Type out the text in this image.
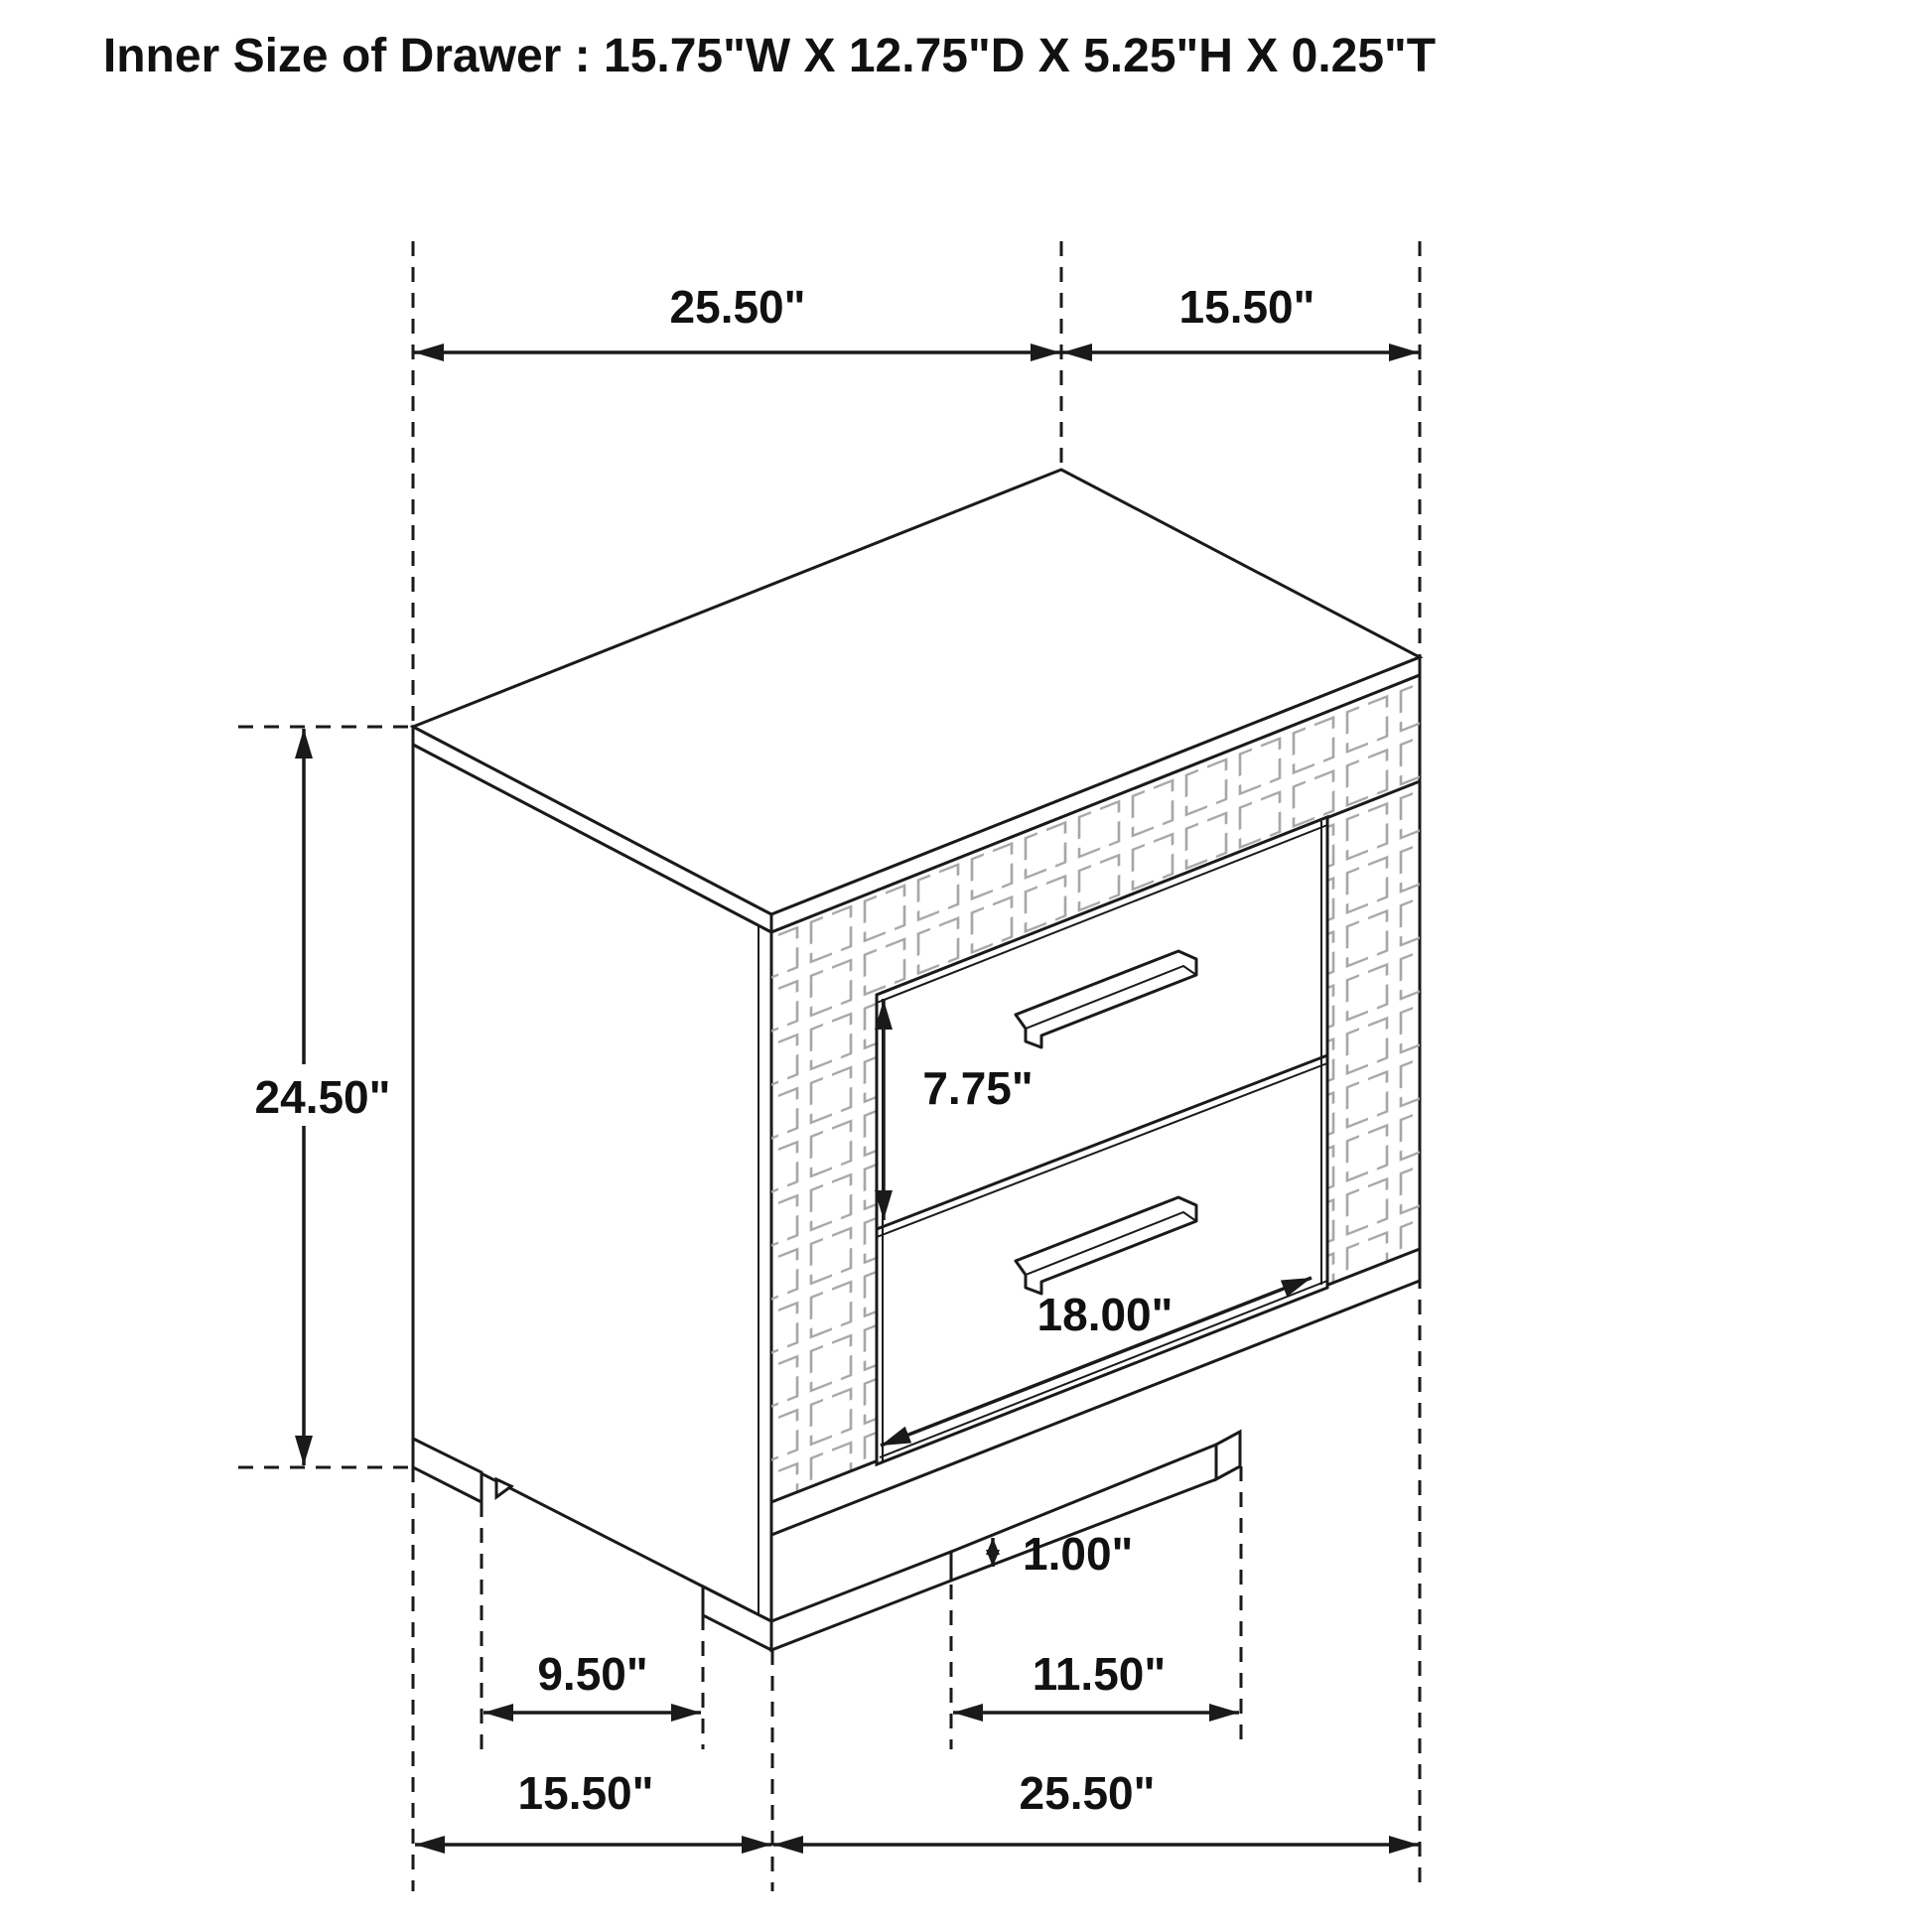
Inner Size of Drawer : 15.75"W X 12.75"D X 5.25"H X 0.25"T
25.50"	15.50"
24.50"	7.75"
18.00"
1.00"
9.50"	11.50"
15.50"	25.50"
